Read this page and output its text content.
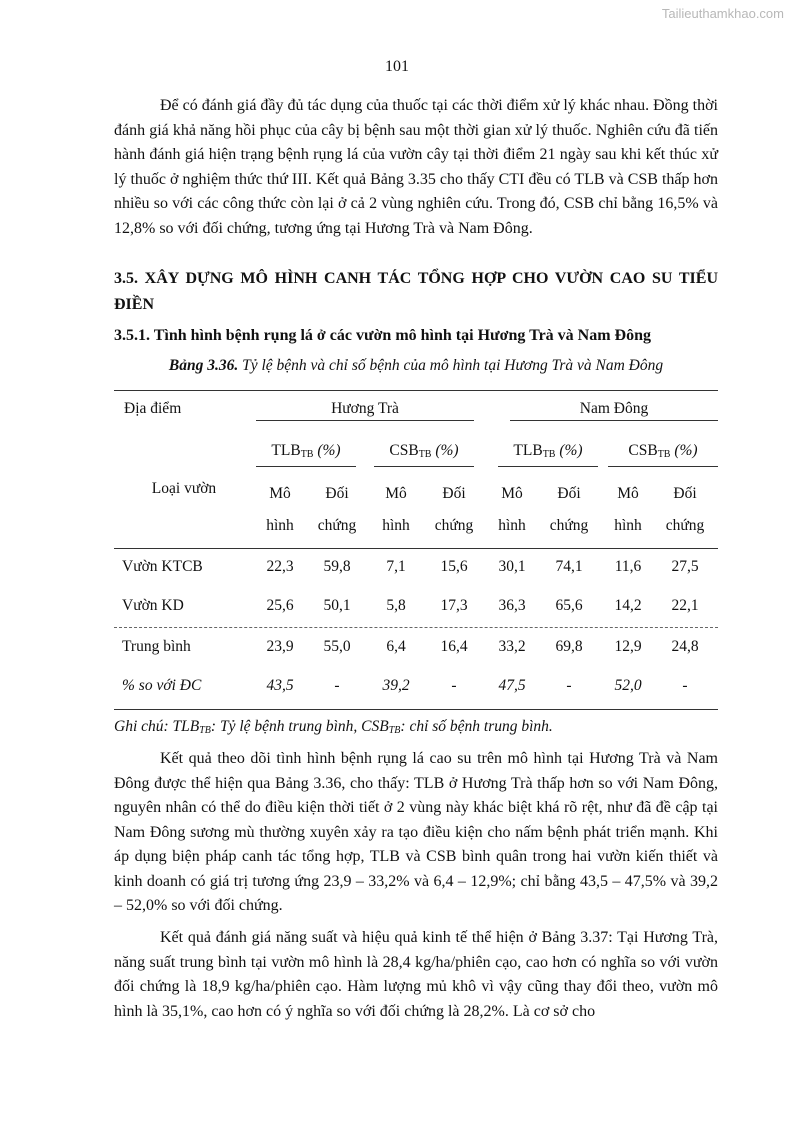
Tailieuthamkhao.com
101

Để có đánh giá đầy đủ tác dụng của thuốc tại các thời điểm xử lý khác nhau. Đồng thời đánh giá khả năng hồi phục của cây bị bệnh sau một thời gian xử lý thuốc. Nghiên cứu đã tiến hành đánh giá hiện trạng bệnh rụng lá của vườn cây tại thời điểm 21 ngày sau khi kết thúc xử lý thuốc ở nghiệm thức thứ III. Kết quả Bảng 3.35 cho thấy CTI đều có TLB và CSB thấp hơn nhiều so với các công thức còn lại ở cả 2 vùng nghiên cứu. Trong đó, CSB chỉ bằng 16,5% và 12,8% so với đối chứng, tương ứng tại Hương Trà và Nam Đông.

3.5. XÂY DỰNG MÔ HÌNH CANH TÁC TỔNG HỢP CHO VƯỜN CAO SU TIỂU ĐIỀN

3.5.1. Tình hình bệnh rụng lá ở các vườn mô hình tại Hương Trà và Nam Đông

Bảng 3.36. Tỷ lệ bệnh và chỉ số bệnh của mô hình tại Hương Trà và Nam Đông
Địa điểm
Loại vườn
Hương Trà	Nam Đông
$TLB_{TB}$ (%)	$CSB_{TB}$ (%)	$TLB_{TB}$ (%)	$CSB_{TB}$ (%)
Mô	Đối	Mô	Đối	Mô	Đối	Mô	Đối
hình	chứng	hình	chứng	hình	chứng	hình	chứng
Vườn KTCB	22,3	59,8	7,1	15,6	30,1	74,1	11,6	27,5
Vườn KD	25,6	50,1	5,8	17,3	36,3	65,6	14,2	22,1
Trung bình	23,9	55,0	6,4	16,4	33,2	69,8	12,9	24,8
% so với ĐC	43,5	-	39,2	-	47,5	-	52,0	-
Ghi chú: $TLB_{TB}$: Tỷ lệ bệnh trung bình, $CSB_{TB}$: chỉ số bệnh trung bình.

Kết quả theo dõi tình hình bệnh rụng lá cao su trên mô hình tại Hương Trà và Nam Đông được thể hiện qua Bảng 3.36, cho thấy: TLB ở Hương Trà thấp hơn so với Nam Đông, nguyên nhân có thể do điều kiện thời tiết ở 2 vùng này khác biệt khá rõ rệt, như đã đề cập tại Nam Đông sương mù thường xuyên xảy ra tạo điều kiện cho nấm bệnh phát triển mạnh. Khi áp dụng biện pháp canh tác tổng hợp, TLB và CSB bình quân trong hai vườn kiến thiết và kinh doanh có giá trị tương ứng 23,9 – 33,2% và 6,4 – 12,9%; chỉ bằng 43,5 – 47,5% và 39,2 – 52,0% so với đối chứng.

Kết quả đánh giá năng suất và hiệu quả kinh tế thể hiện ở Bảng 3.37: Tại Hương Trà, năng suất trung bình tại vườn mô hình là 28,4 kg/ha/phiên cạo, cao hơn có nghĩa so với vườn đối chứng là 18,9 kg/ha/phiên cạo. Hàm lượng mủ khô vì vậy cũng thay đổi theo, vườn mô hình là 35,1%, cao hơn có ý nghĩa so với đối chứng là 28,2%. Là cơ sở cho
